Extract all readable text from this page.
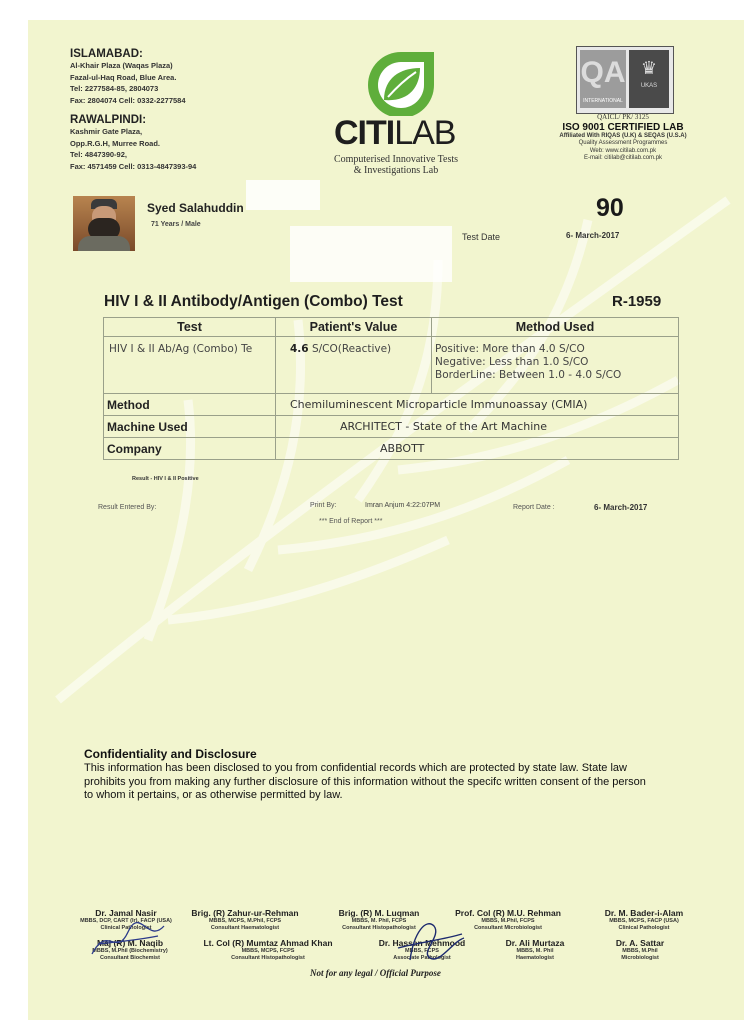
ISLAMABAD:
Al-Khair Plaza (Waqas Plaza)
Fazal-ul-Haq Road, Blue Area.
Tel: 2277584-85, 2804073
Fax: 2804074 Cell: 0332-2277584
RAWALPINDI:
Kashmir Gate Plaza,
Opp.R.G.H, Murree Road.
Tel: 4847390-92,
Fax: 4571459 Cell: 0313-4847393-94
CITILAB
Computerised Innovative Tests
& Investigations Lab
QA
INTERNATIONAL
♛
UKAS
QAICL/ PK/ 3125
ISO 9001 CERTIFIED LAB
Affiliated With RIQAS (U.K) & SEQAS (U.S.A)
Quality Assessment Programmes
Web: www.citilab.com.pk
E-mail: citilab@citilab.com.pk
Syed Salahuddin
71 Years / Male
90
Test Date	6- March-2017
HIV I & II Antibody/Antigen (Combo) Test	R-1959
Test	Patient's Value	Method Used
HIV I & II Ab/Ag (Combo) Te	4.6 S/CO(Reactive)	Positive: More than 4.0 S/CO
Negative: Less than 1.0 S/CO
BorderLine: Between 1.0 - 4.0 S/CO

Method	Chemiluminescent Microparticle Immunoassay (CMIA)	
Machine Used	ARCHITECT - State of the Art Machine	
Company	ABBOTT	
Result - HIV I & II Positive
Result Entered By:	Print By:	Imran Anjum 4:22:07PM	Report Date :	6- March-2017
*** End of Report ***
Confidentiality and Disclosure
This information has been disclosed to you from confidential records which are protected by state law. State law
prohibits you from making any further disclosure of this information without the specifc written consent of the person
to whom it pertains, or as otherwise permitted by law.
Dr. Jamal Nasir
MBBS, DCP, CART (Ir), FACP (USA)
Clinical Pathologist
Brig. (R) Zahur-ur-Rehman
MBBS, MCPS, M.Phil, FCPS
Consultant Haematologist
Brig. (R) M. Luqman
MBBS, M. Phil, FCPS
Consultant Histopathologist
Prof. Col (R) M.U. Rehman
MBBS, M.Phil, FCPS
Consultant Microbiologist
Dr. M. Bader-i-Alam
MBBS, MCPS, FACP (USA)
Clinical Pathologist
Maj (R) M. Naqib
MBBS, M.Phil (Biochemistry)
Consultant Biochemist
Lt. Col (R) Mumtaz Ahmad Khan
MBBS, MCPS, FCPS
Consultant Histopathologist
Dr. Hassan Mehmood
MBBS, FCPS
Associate Pathologist
Dr. Ali Murtaza
MBBS, M. Phil
Haematologist
Dr. A. Sattar
MBBS, M.Phil
Microbiologist
Not for any legal / Official Purpose
